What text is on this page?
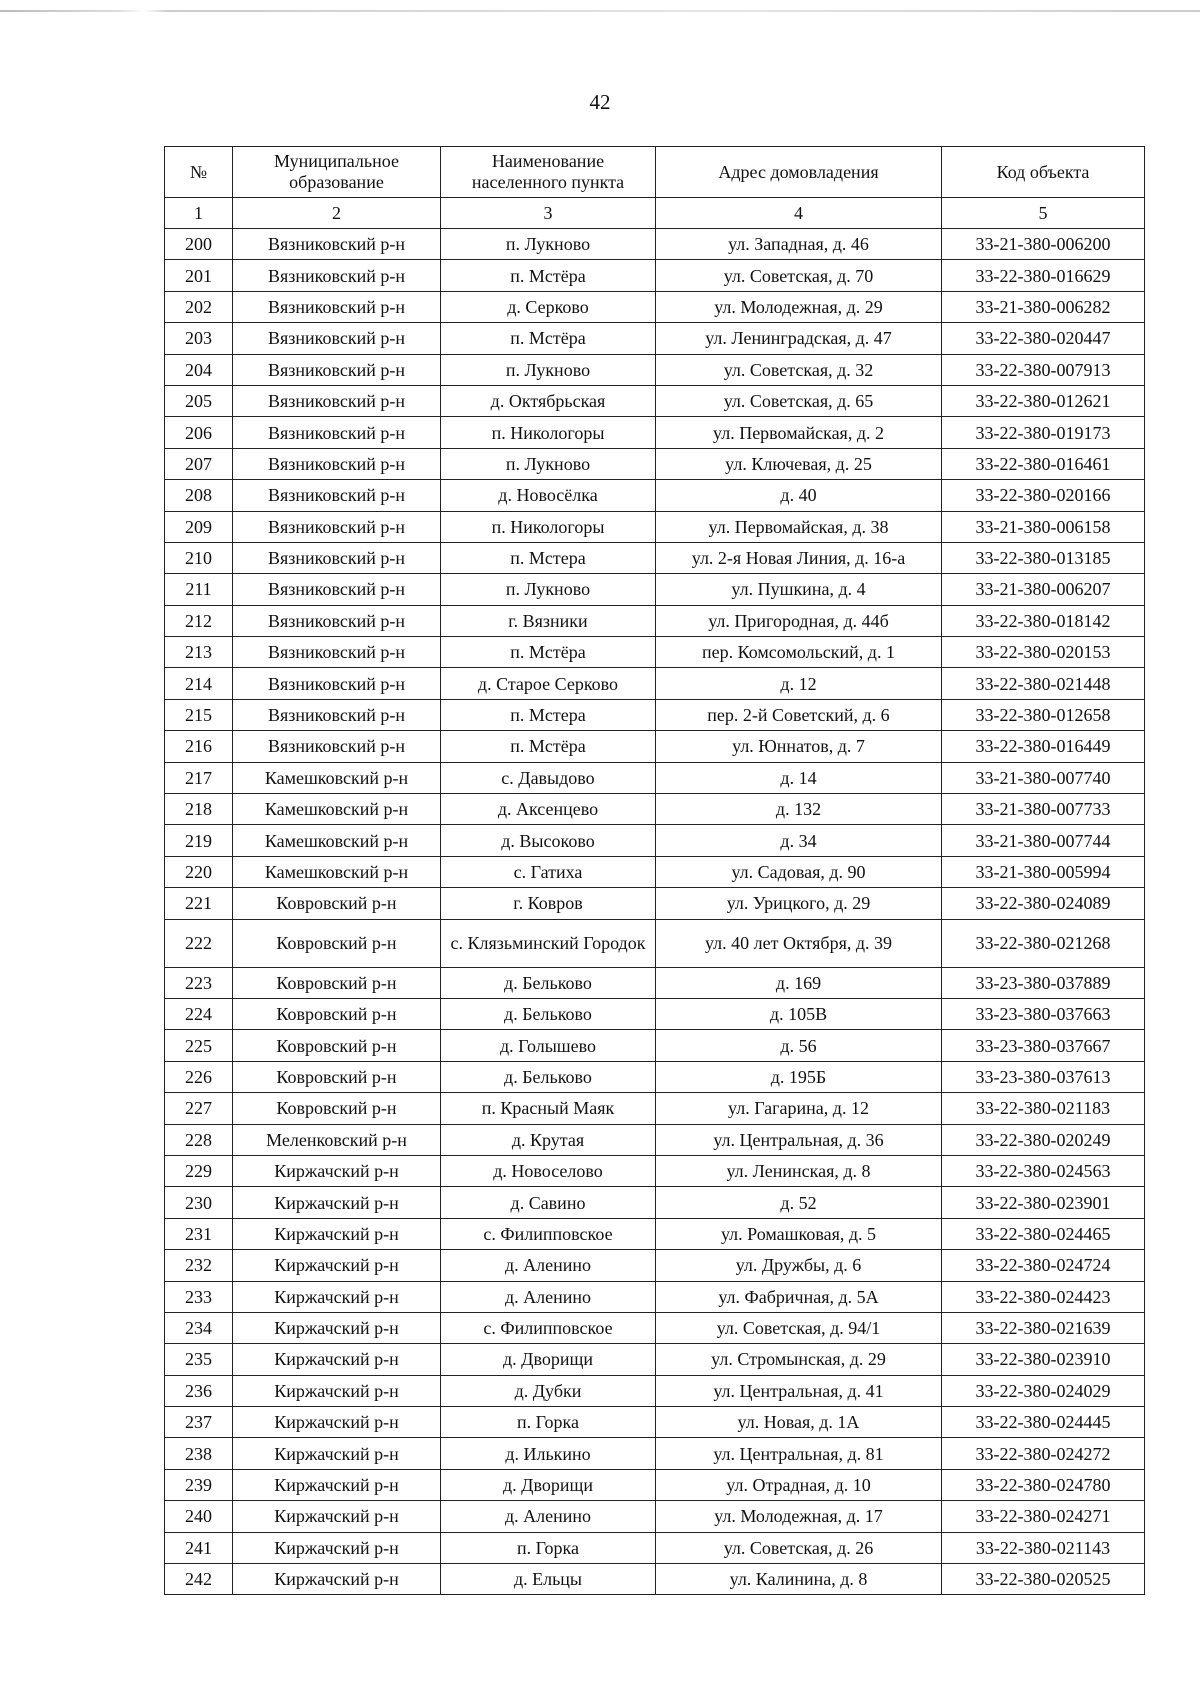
42
№	Муниципальное образование	Наименование населенного пункта	Адрес домовладения	Код объекта
1	2	3	4	5
200	Вязниковский р-н	п. Лукново	ул. Западная, д. 46	33-21-380-006200
201	Вязниковский р-н	п. Мстёра	ул. Советская, д. 70	33-22-380-016629
202	Вязниковский р-н	д. Серково	ул. Молодежная, д. 29	33-21-380-006282
203	Вязниковский р-н	п. Мстёра	ул. Ленинградская, д. 47	33-22-380-020447
204	Вязниковский р-н	п. Лукново	ул. Советская, д. 32	33-22-380-007913
205	Вязниковский р-н	д. Октябрьская	ул. Советская, д. 65	33-22-380-012621
206	Вязниковский р-н	п. Никологоры	ул. Первомайская, д. 2	33-22-380-019173
207	Вязниковский р-н	п. Лукново	ул. Ключевая, д. 25	33-22-380-016461
208	Вязниковский р-н	д. Новосёлка	д. 40	33-22-380-020166
209	Вязниковский р-н	п. Никологоры	ул. Первомайская, д. 38	33-21-380-006158
210	Вязниковский р-н	п. Мстера	ул. 2-я Новая Линия, д. 16-а	33-22-380-013185
211	Вязниковский р-н	п. Лукново	ул. Пушкина, д. 4	33-21-380-006207
212	Вязниковский р-н	г. Вязники	ул. Пригородная, д. 44б	33-22-380-018142
213	Вязниковский р-н	п. Мстёра	пер. Комсомольский, д. 1	33-22-380-020153
214	Вязниковский р-н	д. Старое Серково	д. 12	33-22-380-021448
215	Вязниковский р-н	п. Мстера	пер. 2-й Советский, д. 6	33-22-380-012658
216	Вязниковский р-н	п. Мстёра	ул. Юннатов, д. 7	33-22-380-016449
217	Камешковский р-н	с. Давыдово	д. 14	33-21-380-007740
218	Камешковский р-н	д. Аксенцево	д. 132	33-21-380-007733
219	Камешковский р-н	д. Высоково	д. 34	33-21-380-007744
220	Камешковский р-н	с. Гатиха	ул. Садовая, д. 90	33-21-380-005994
221	Ковровский р-н	г. Ковров	ул. Урицкого, д. 29	33-22-380-024089
222	Ковровский р-н	с. Клязьминский Городок	ул. 40 лет Октября, д. 39	33-22-380-021268
223	Ковровский р-н	д. Бельково	д. 169	33-23-380-037889
224	Ковровский р-н	д. Бельково	д. 105В	33-23-380-037663
225	Ковровский р-н	д. Голышево	д. 56	33-23-380-037667
226	Ковровский р-н	д. Бельково	д. 195Б	33-23-380-037613
227	Ковровский р-н	п. Красный Маяк	ул. Гагарина, д. 12	33-22-380-021183
228	Меленковский р-н	д. Крутая	ул. Центральная, д. 36	33-22-380-020249
229	Киржачский р-н	д. Новоселово	ул. Ленинская, д. 8	33-22-380-024563
230	Киржачский р-н	д. Савино	д. 52	33-22-380-023901
231	Киржачский р-н	с. Филипповское	ул. Ромашковая, д. 5	33-22-380-024465
232	Киржачский р-н	д. Аленино	ул. Дружбы, д. 6	33-22-380-024724
233	Киржачский р-н	д. Аленино	ул. Фабричная, д. 5А	33-22-380-024423
234	Киржачский р-н	с. Филипповское	ул. Советская, д. 94/1	33-22-380-021639
235	Киржачский р-н	д. Дворищи	ул. Стромынская, д. 29	33-22-380-023910
236	Киржачский р-н	д. Дубки	ул. Центральная, д. 41	33-22-380-024029
237	Киржачский р-н	п. Горка	ул. Новая, д. 1А	33-22-380-024445
238	Киржачский р-н	д. Илькино	ул. Центральная, д. 81	33-22-380-024272
239	Киржачский р-н	д. Дворищи	ул. Отрадная, д. 10	33-22-380-024780
240	Киржачский р-н	д. Аленино	ул. Молодежная, д. 17	33-22-380-024271
241	Киржачский р-н	п. Горка	ул. Советская, д. 26	33-22-380-021143
242	Киржачский р-н	д. Ельцы	ул. Калинина, д. 8	33-22-380-020525
